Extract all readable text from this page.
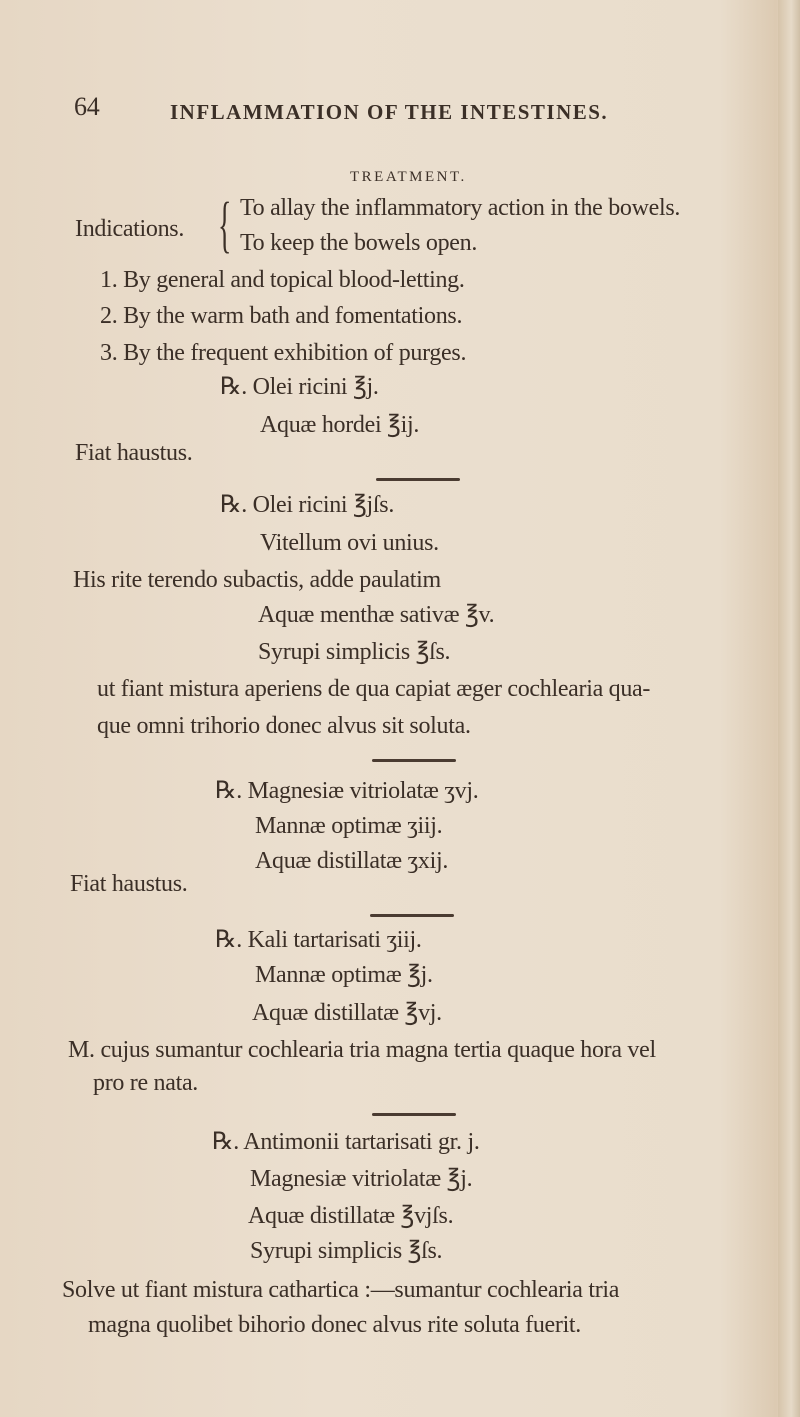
64	INFLAMMATION OF THE INTESTINES.
TREATMENT.
Indications. { To allay the inflammatory action in the bowels.
To keep the bowels open.
1. By general and topical blood-letting.
2. By the warm bath and fomentations.
3. By the frequent exhibition of purges.
℞. Olei ricini ℥j.
Aquæ hordei ℥ij.
Fiat haustus.
℞. Olei ricini ℥jſs.
Vitellum ovi unius.
His rite terendo subactis, adde paulatim
Aquæ menthæ sativæ ℥v.
Syrupi simplicis ℥ſs.
ut fiant mistura aperiens de qua capiat æger cochlearia qua-
que omni trihorio donec alvus sit soluta.
℞. Magnesiæ vitriolatæ ʒvj.
Mannæ optimæ ʒiij.
Aquæ distillatæ ʒxij.
Fiat haustus.
℞. Kali tartarisati ʒiij.
Mannæ optimæ ℥j.
Aquæ distillatæ ℥vj.
M. cujus sumantur cochlearia tria magna tertia quaque hora vel
pro re nata.
℞. Antimonii tartarisati gr. j.
Magnesiæ vitriolatæ ℥j.
Aquæ distillatæ ℥vjſs.
Syrupi simplicis ℥ſs.
Solve ut fiant mistura cathartica :—sumantur cochlearia tria
magna quolibet bihorio donec alvus rite soluta fuerit.
